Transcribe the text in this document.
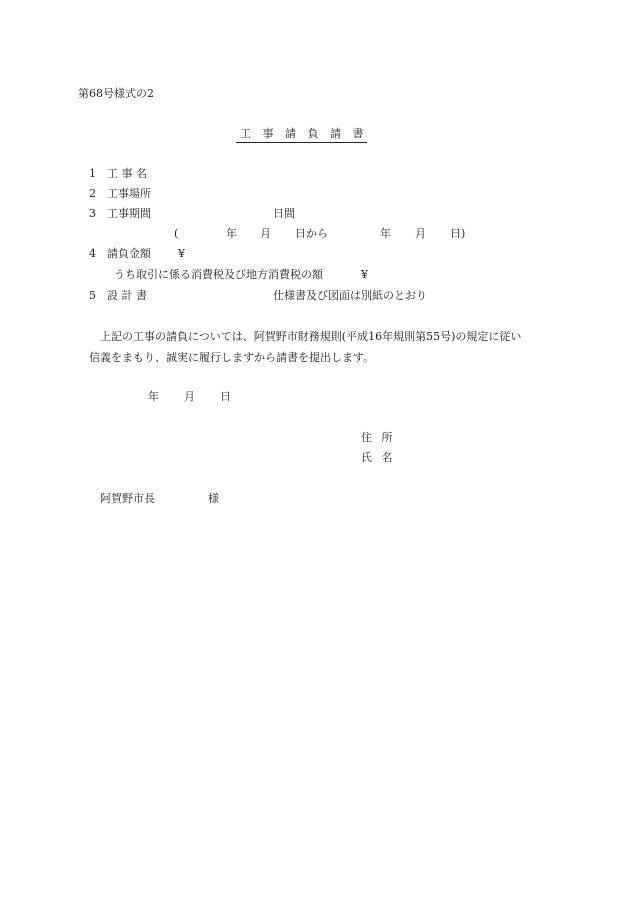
第68号様式の2
工 事 請 負 請 書
1 工 事 名
2 工事場所
3 工事期間	日間
(	年 月 日から	年 月 日)
4 請負金額 ¥
うち取引に係る消費税及び地方消費税の額	¥
5 設 計 書	仕様書及び図面は別紙のとおり
上記の工事の請負については、阿賀野市財務規則(平成16年規則第55号)の規定に従い
信義をまもり、誠実に履行しますから請書を提出します。
年 月 日
住 所
氏 名
阿賀野市長	様
